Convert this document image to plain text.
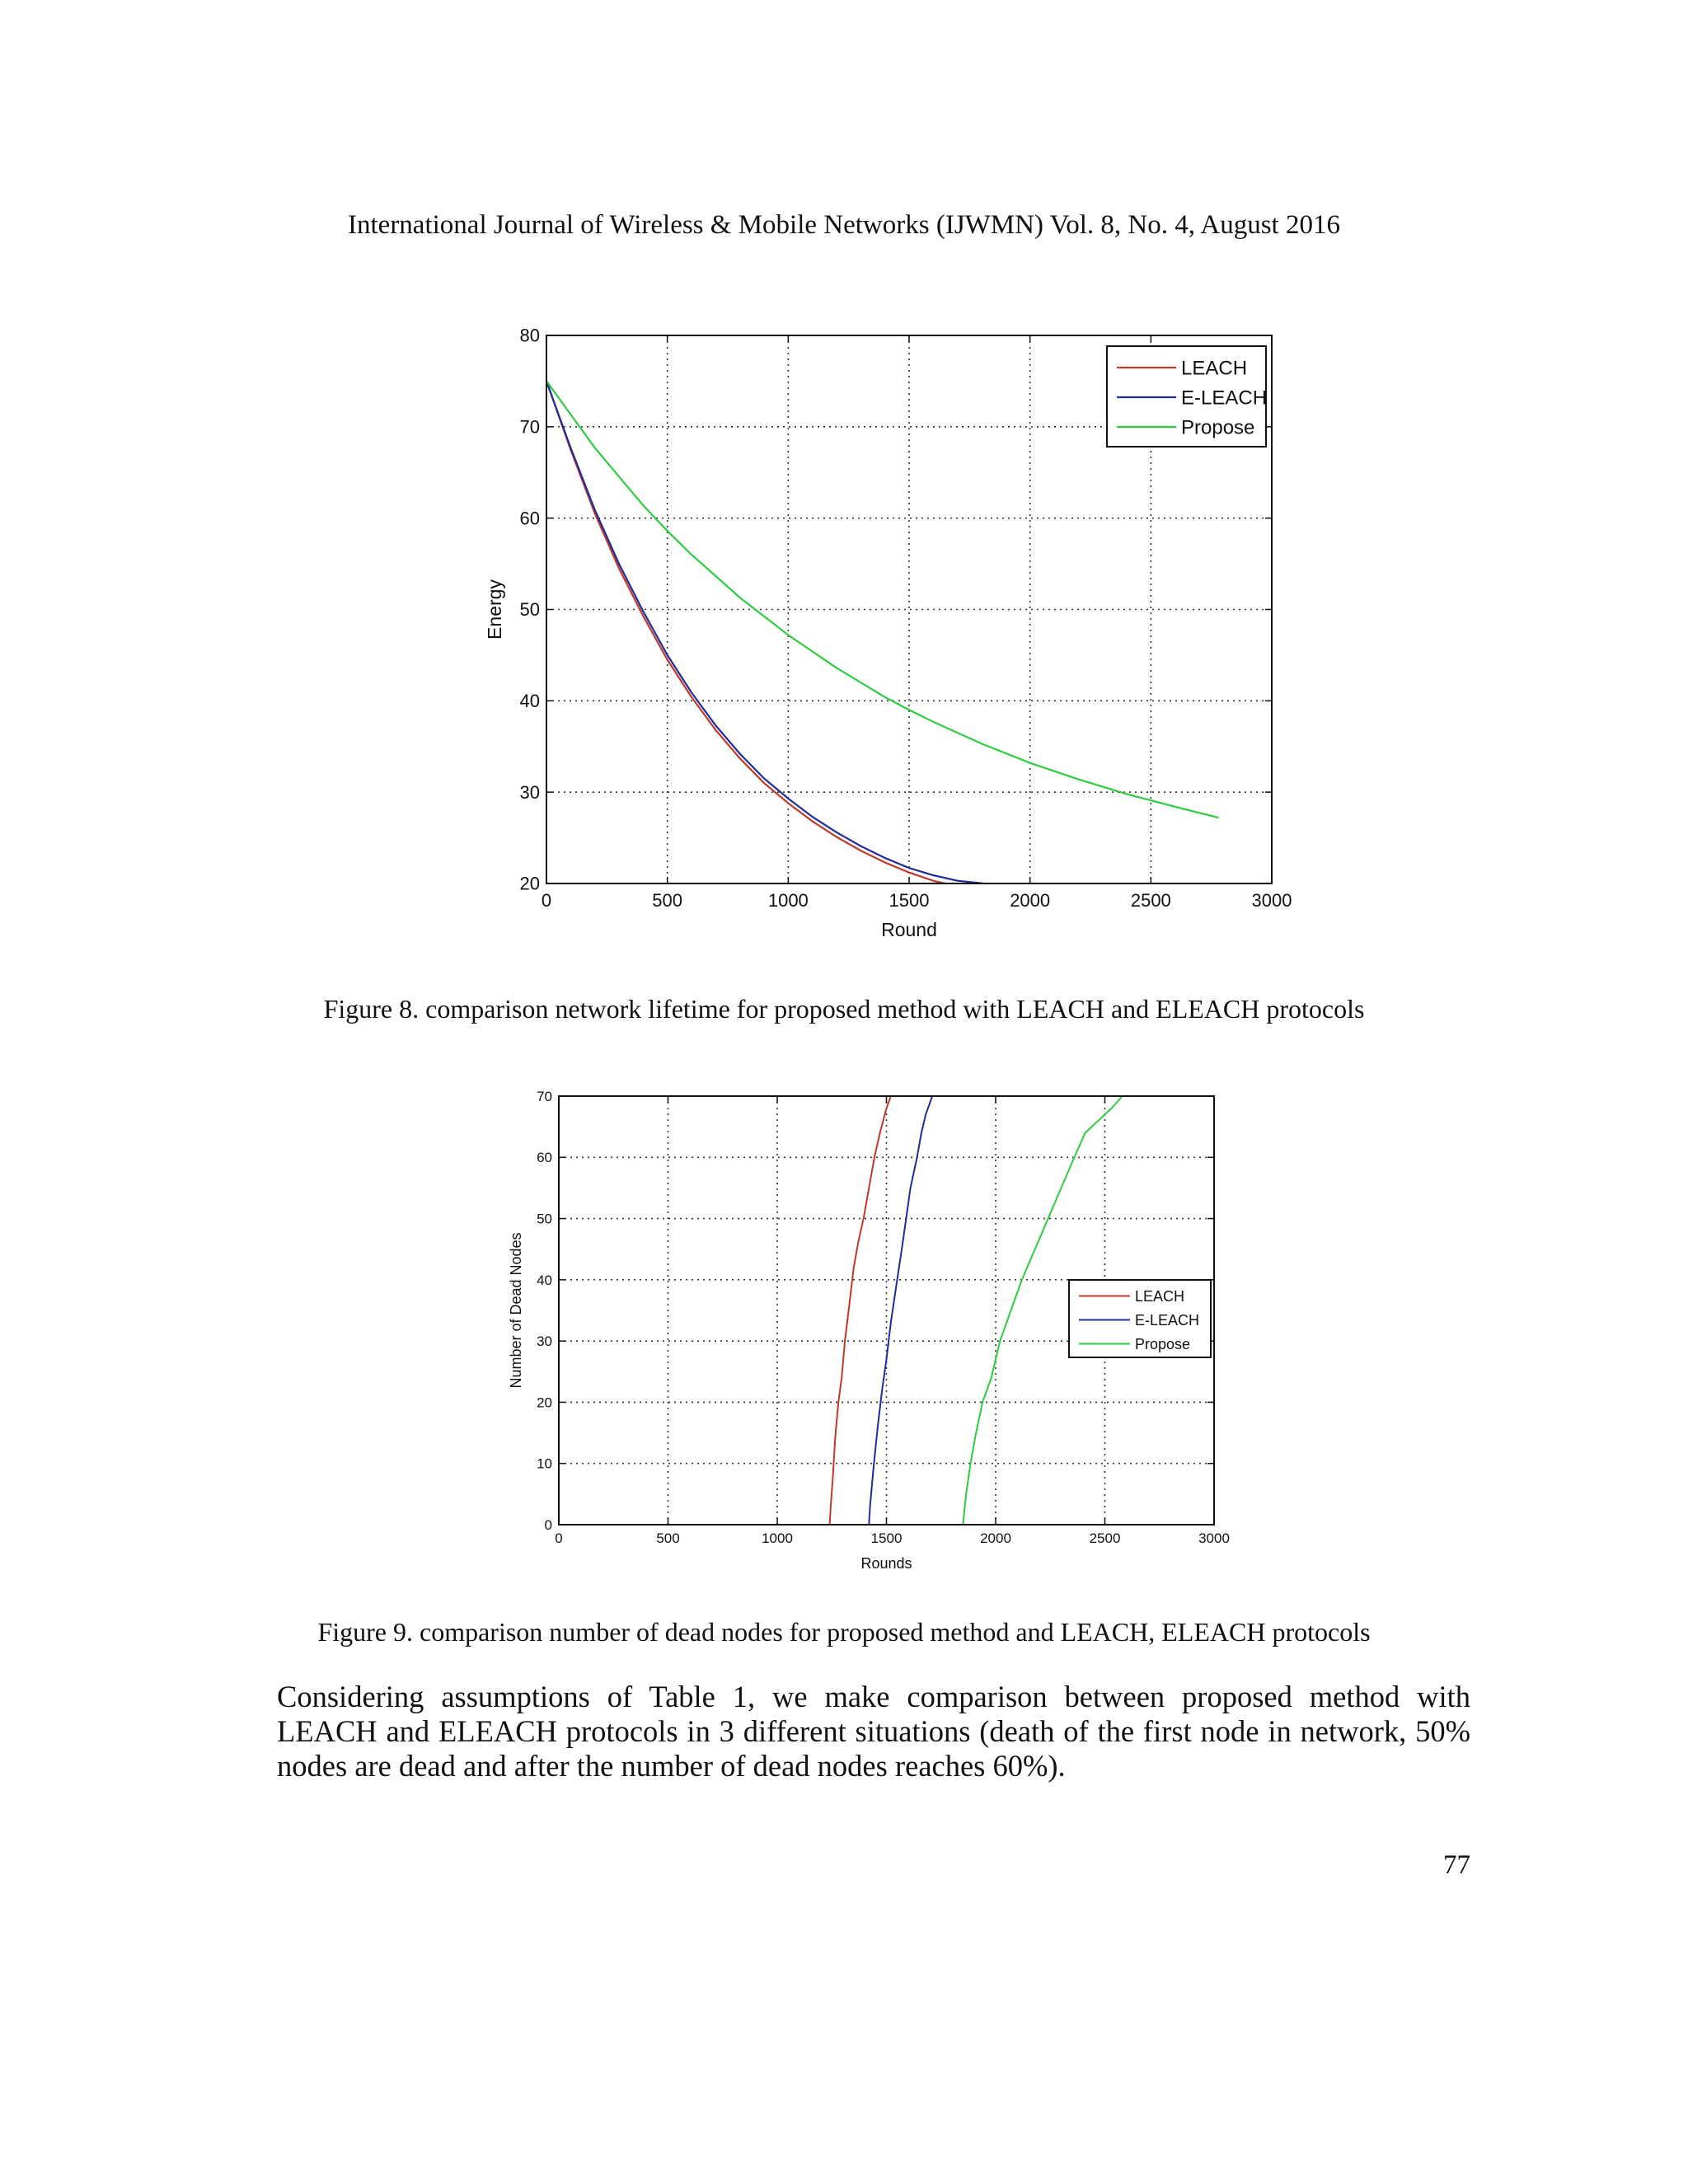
International Journal of Wireless & Mobile Networks (IJWMN) Vol. 8, No. 4, August 2016
0	500	1000	1500	2000	2500	3000
20
30
40
50
60
70
80
Round
Energy
LEACH
E-LEACH
Propose
Figure 8. comparison network lifetime for proposed method with LEACH and ELEACH protocols
0	500	1000	1500	2000	2500	3000
0
10
20
30
40
50
60
70
Rounds
Number of Dead Nodes	LEACH
E-LEACH
Propose
Figure 9. comparison number of dead nodes for proposed method and LEACH, ELEACH protocols
Considering assumptions of Table 1, we make comparison between proposed method with LEACH and ELEACH protocols in 3 different situations (death of the first node in network, 50% nodes are dead and after the number of dead nodes reaches 60%).
77
